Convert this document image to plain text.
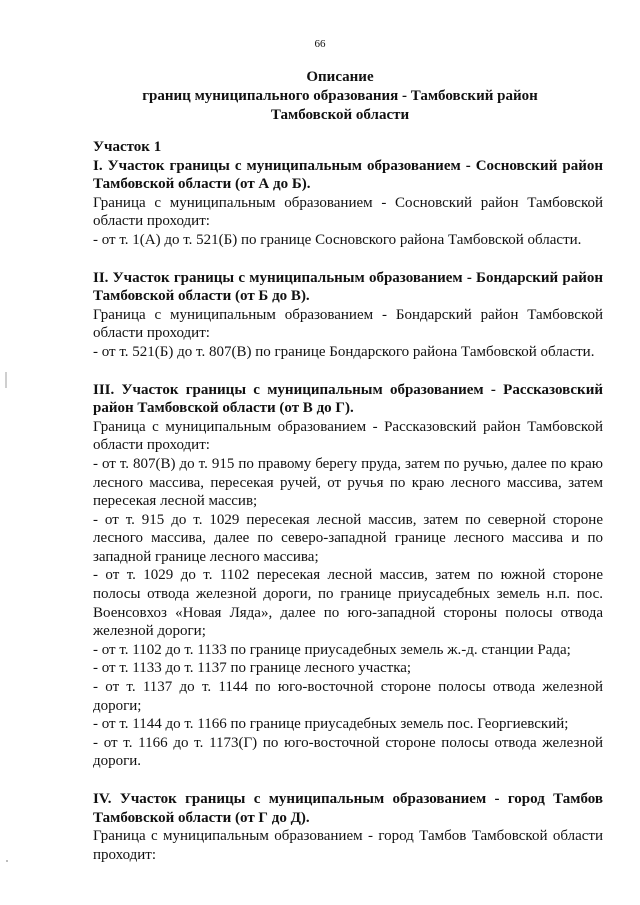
66
Описание
границ муниципального образования - Тамбовский район
Тамбовской области
Участок 1
I. Участок границы с муниципальным образованием - Сосновский район Тамбовской области (от А до Б).
Граница с муниципальным образованием - Сосновский район Тамбовской области проходит:
- от т. 1(А) до т. 521(Б) по границе Сосновского района Тамбовской области.
II. Участок границы с муниципальным образованием - Бондарский район Тамбовской области (от Б до В).
Граница с муниципальным образованием - Бондарский район Тамбовской области проходит:
- от т. 521(Б) до т. 807(В) по границе Бондарского района Тамбовской области.
III. Участок границы с муниципальным образованием - Рассказовский район Тамбовской области (от В до Г).
Граница с муниципальным образованием - Рассказовский район Тамбовской области проходит:
- от т. 807(В) до т. 915 по правому берегу пруда, затем по ручью, далее по краю лесного массива, пересекая ручей, от ручья по краю лесного массива, затем пересекая лесной массив;
- от т. 915 до т. 1029 пересекая лесной массив, затем по северной стороне лесного массива, далее по северо-западной границе лесного массива и по западной границе лесного массива;
- от т. 1029 до т. 1102 пересекая лесной массив, затем по южной стороне полосы отвода железной дороги, по границе приусадебных земель н.п. пос. Военсовхоз «Новая Ляда», далее по юго-западной стороны полосы отвода железной дороги;
- от т. 1102 до т. 1133 по границе приусадебных земель ж.-д. станции Рада;
- от т. 1133 до т. 1137 по границе лесного участка;
- от т. 1137 до т. 1144 по юго-восточной стороне полосы отвода железной дороги;
- от т. 1144 до т. 1166 по границе приусадебных земель пос. Георгиевский;
- от т. 1166 до т. 1173(Г) по юго-восточной стороне полосы отвода железной дороги.
IV. Участок границы с муниципальным образованием - город Тамбов Тамбовской области (от Г до Д).
Граница с муниципальным образованием - город Тамбов Тамбовской области проходит:
